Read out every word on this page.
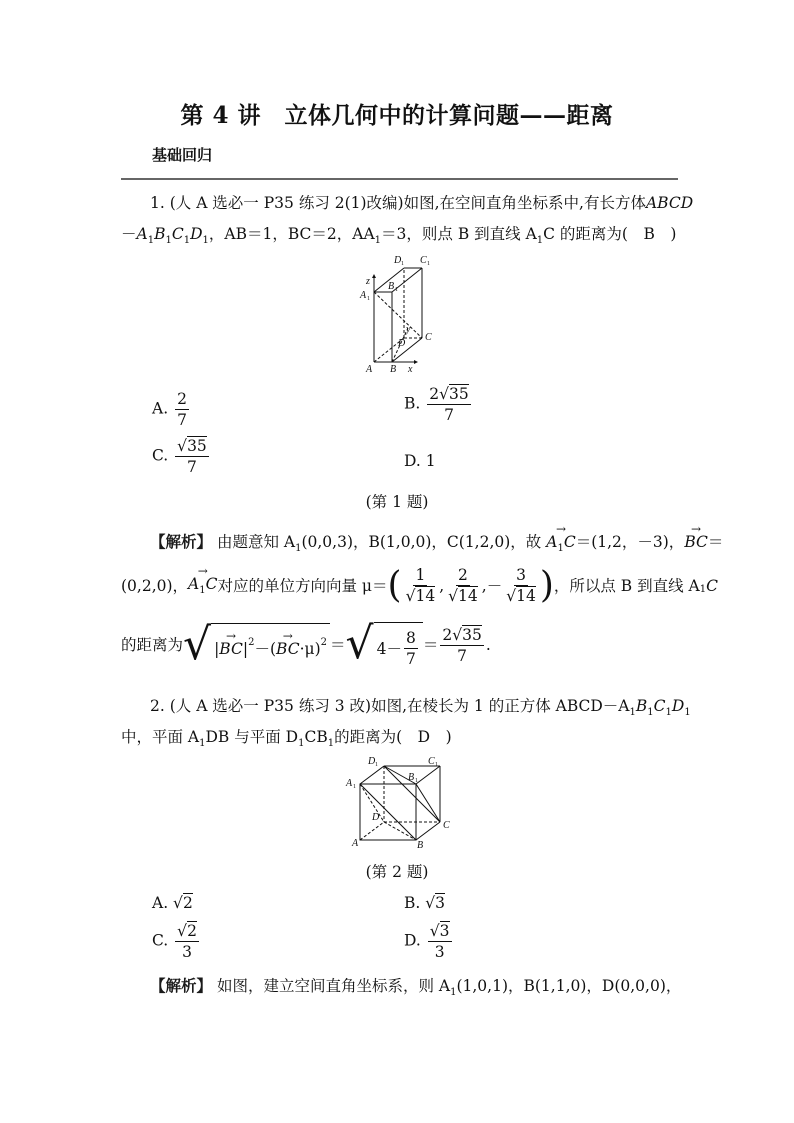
第 4 讲　立体几何中的计算问题——距离
基础回归
1. (人 A 选必一 P35 练习 2(1)改编)如图,在空间直角坐标系中,有长方体ABCD
$-A_1B_1C_1D_1$，AB＝1，BC＝2，$AA_1=3$，则点 B 到直线 $A_1C$ 的距离为(　B　)
D 1 C 1
z
A 1
B 1
y
D
C
A B x
A. $\frac{2}{7}$	B. $\frac{2√35}{7}$
C. $\frac{√35}{7}$	D. 1
(第 1 题)
【解析】 由题意知 $A_1(0,0,3)$，B(1,0,0)，C(1,2,0)，故 → $A_1C=(1,2$，－3)，→ BC＝
(0,2,0)， → $A_1C$ 对应的单位方向向量 μ＝ ( $\frac{1}{√14}$ , $\frac{2}{√14}$ , － $\frac{3}{√14}$ ) ，所以点 B 到直线 A 1 C
的距离为 √ | → BC | 2 －( → BC ·μ ) 2 ＝ √ $4- \frac{8}{7} = \frac{2√35}{7}$ .
2. (人 A 选必一 P35 练习 3 改)如图,在棱长为 1 的正方体 $ABCD-A_1B_1C_1D_1$
中，平面 $A_1DB$ 与平面 $D_1CB_1$的距离为(　D　)
D 1	C 1
A 1
B 1
D
C
A	B
(第 2 题)
A. √2	B. √3
C. $\frac{√2}{3}$	D. $\frac{√3}{3}$
【解析】 如图，建立空间直角坐标系，则 $A_1(1,0,1)$，B(1,1,0)，D(0,0,0)，
